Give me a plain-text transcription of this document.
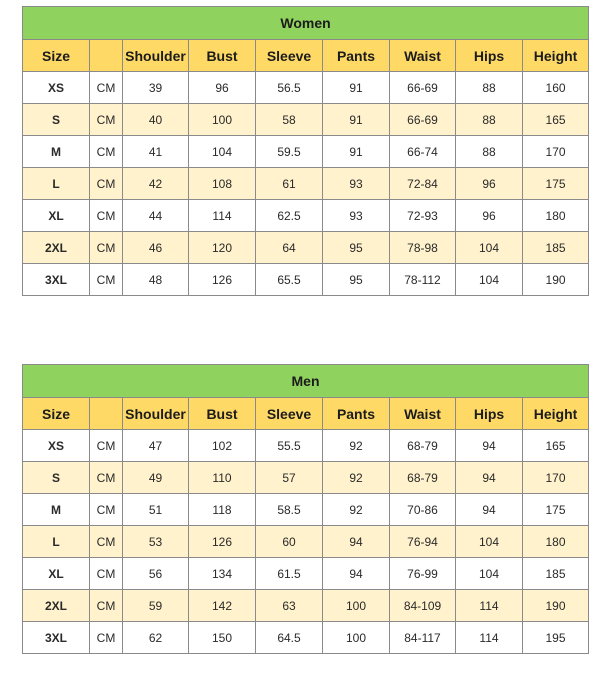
Women								
Size		Shoulder	Bust	Sleeve	Pants	Waist	Hips	Height
XS	CM	39	96	56.5	91	66-69	88	160
S	CM	40	100	58	91	66-69	88	165
M	CM	41	104	59.5	91	66-74	88	170
L	CM	42	108	61	93	72-84	96	175
XL	CM	44	114	62.5	93	72-93	96	180
2XL	CM	46	120	64	95	78-98	104	185
3XL	CM	48	126	65.5	95	78-112	104	190
Men								
Size		Shoulder	Bust	Sleeve	Pants	Waist	Hips	Height
XS	CM	47	102	55.5	92	68-79	94	165
S	CM	49	110	57	92	68-79	94	170
M	CM	51	118	58.5	92	70-86	94	175
L	CM	53	126	60	94	76-94	104	180
XL	CM	56	134	61.5	94	76-99	104	185
2XL	CM	59	142	63	100	84-109	114	190
3XL	CM	62	150	64.5	100	84-117	114	195
